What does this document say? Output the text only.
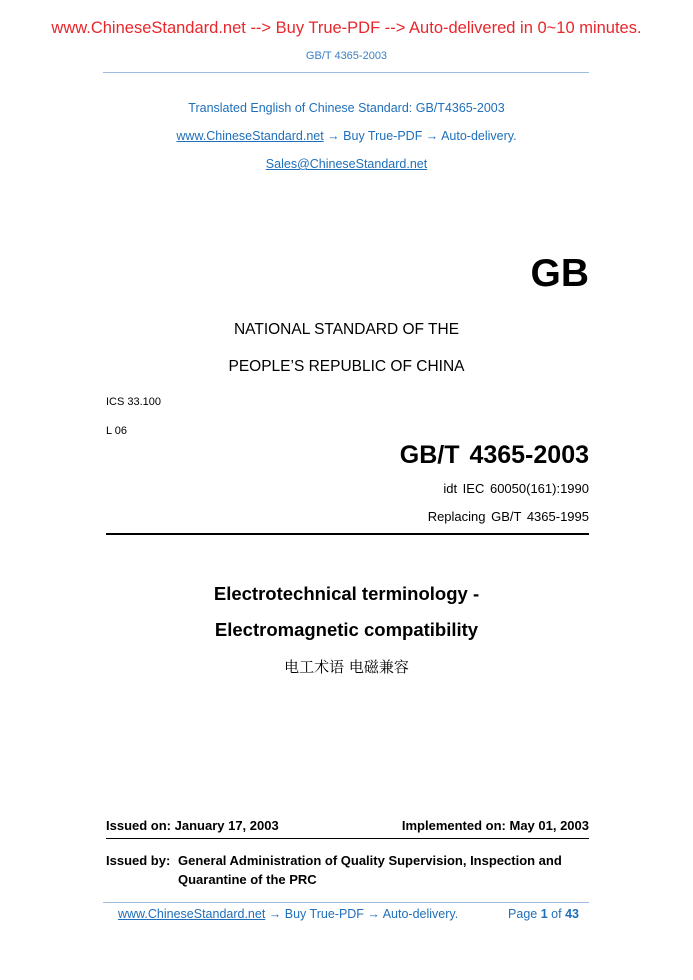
www.ChineseStandard.net --> Buy True-PDF --> Auto-delivered in 0~10 minutes.
GB/T 4365-2003
Translated English of Chinese Standard: GB/T4365-2003
www.ChineseStandard.net → Buy True-PDF → Auto-delivery.
Sales@ChineseStandard.net
GB
NATIONAL STANDARD OF THE
PEOPLE’S REPUBLIC OF CHINA
ICS 33.100
L 06
GB/T 4365-2003
idt IEC 60050(161):1990
Replacing GB/T 4365-1995
Electrotechnical terminology -
Electromagnetic compatibility
电工术语 电磁兼容
Issued on: January 17, 2003	Implemented on: May 01, 2003
Issued by: General Administration of Quality Supervision, Inspection and Quarantine of the PRC
www.ChineseStandard.net → Buy True-PDF → Auto-delivery.	Page 1 of 43
